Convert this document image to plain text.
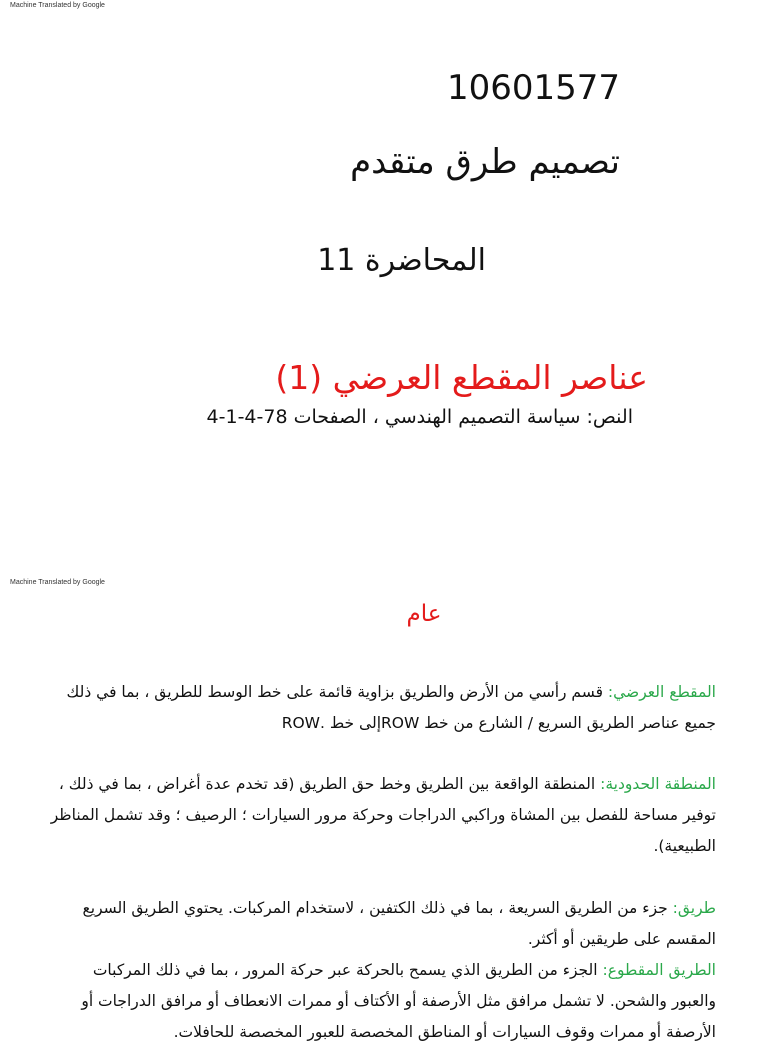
Machine Translated by Google
10601577
تصميم طرق متقدم
المحاضرة 11
عناصر المقطع العرضي (1)
النص: سياسة التصميم الهندسي ، الصفحات 78-4-1-4
Machine Translated by Google
عام

المقطع العرضي: قسم رأسي من الأرض والطريق بزاوية قائمة على خط الوسط للطريق ، بما في ذلك جميع عناصر الطريق السريع / الشارع من خط ROWإلى خط .ROW

المنطقة الحدودية: المنطقة الواقعة بين الطريق وخط حق الطريق (قد تخدم عدة أغراض ، بما في ذلك ، توفير مساحة للفصل بين المشاة وراكبي الدراجات وحركة مرور السيارات ؛ الرصيف ؛ وقد تشمل المناظر الطبيعية).

طريق: جزء من الطريق السريعة ، بما في ذلك الكتفين ، لاستخدام المركبات. يحتوي الطريق السريع المقسم على طريقين أو أكثر.

الطريق المقطوع: الجزء من الطريق الذي يسمح بالحركة عبر حركة المرور ، بما في ذلك المركبات والعبور والشحن. لا تشمل مرافق مثل الأرصفة أو الأكتاف أو ممرات الانعطاف أو مرافق الدراجات أو الأرصفة أو ممرات وقوف السيارات أو المناطق المخصصة للعبور المخصصة للحافلات.
